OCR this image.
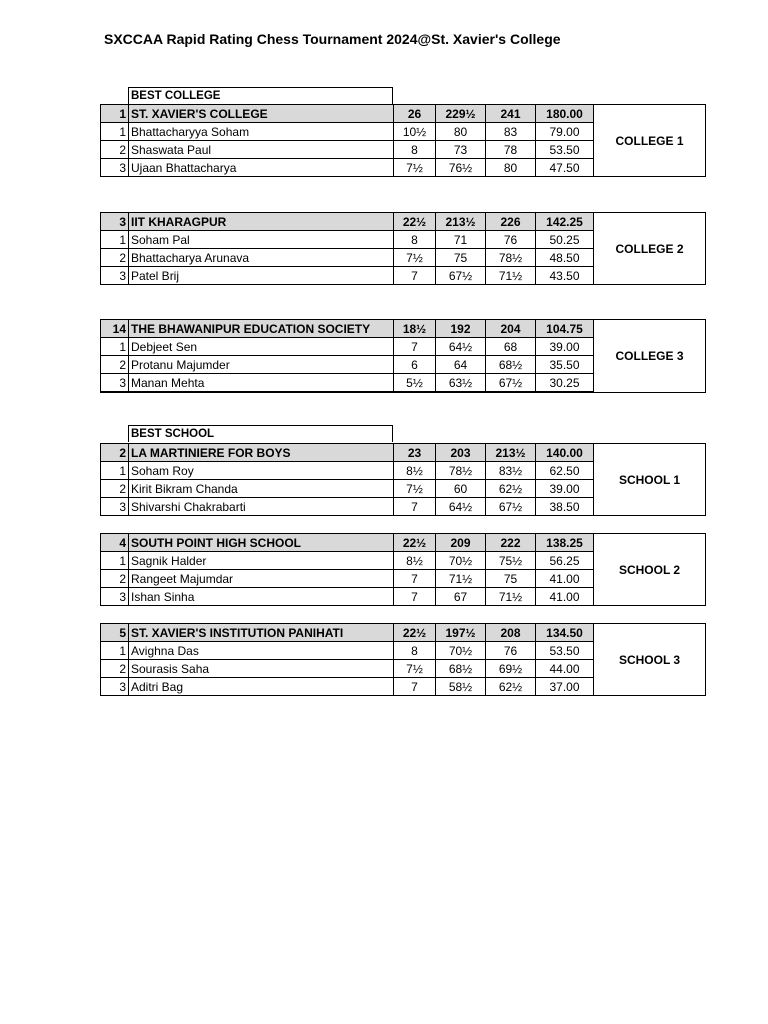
SXCCAA Rapid Rating Chess Tournament 2024@St. Xavier's College
BEST COLLEGE
BEST SCHOOL
1	ST. XAVIER'S COLLEGE	26	229½	241	180.00	COLLEGE 1
1	Bhattacharyya Soham	10½	80	83	79.00	
2	Shaswata Paul	8	73	78	53.50	
3	Ujaan Bhattacharya	7½	76½	80	47.50	
3	IIT KHARAGPUR	22½	213½	226	142.25	COLLEGE 2
1	Soham Pal	8	71	76	50.25	
2	Bhattacharya Arunava	7½	75	78½	48.50	
3	Patel Brij	7	67½	71½	43.50	
14	THE BHAWANIPUR EDUCATION SOCIETY	18½	192	204	104.75	COLLEGE 3
1	Debjeet Sen	7	64½	68	39.00	
2	Protanu Majumder	6	64	68½	35.50	
3	Manan Mehta	5½	63½	67½	30.25	
2	LA MARTINIERE FOR BOYS	23	203	213½	140.00	SCHOOL 1
1	Soham Roy	8½	78½	83½	62.50	
2	Kirit Bikram Chanda	7½	60	62½	39.00	
3	Shivarshi Chakrabarti	7	64½	67½	38.50	
4	SOUTH POINT HIGH SCHOOL	22½	209	222	138.25	SCHOOL 2
1	Sagnik Halder	8½	70½	75½	56.25	
2	Rangeet Majumdar	7	71½	75	41.00	
3	Ishan Sinha	7	67	71½	41.00	
5	ST. XAVIER'S INSTITUTION PANIHATI	22½	197½	208	134.50	SCHOOL 3
1	Avighna Das	8	70½	76	53.50	
2	Sourasis Saha	7½	68½	69½	44.00	
3	Aditri Bag	7	58½	62½	37.00	
